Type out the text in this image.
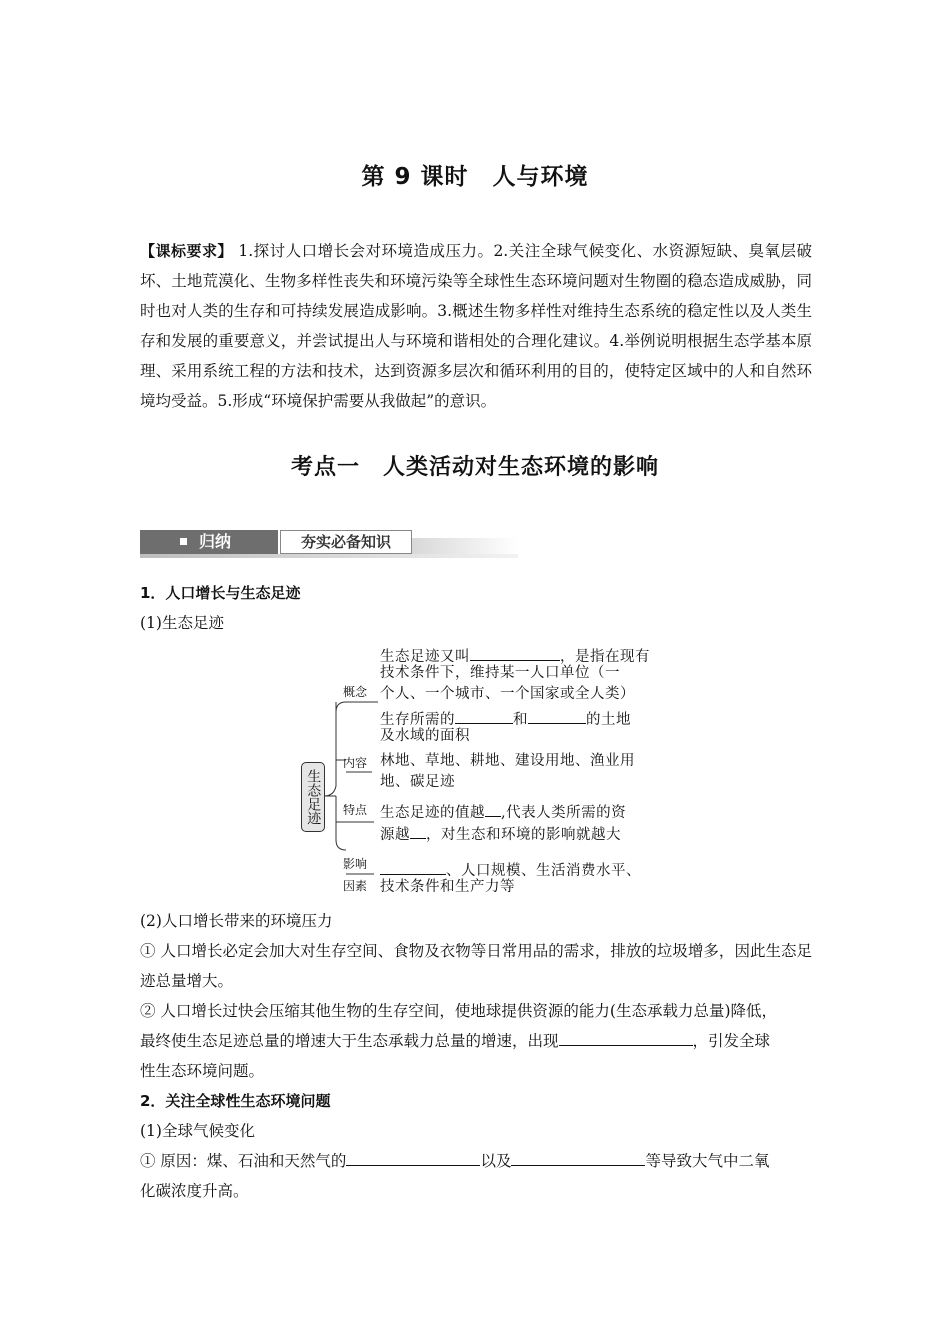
第 9 课时　人与环境
【课标要求】 1.探讨人口增长会对环境造成压力。2.关注全球气候变化、水资源短缺、臭氧层破坏、土地荒漠化、生物多样性丧失和环境污染等全球性生态环境问题对生物圈的稳态造成威胁，同时也对人类的生存和可持续发展造成影响。3.概述生物多样性对维持生态系统的稳定性以及人类生存和发展的重要意义，并尝试提出人与环境和谐相处的合理化建议。4.举例说明根据生态学基本原理、采用系统工程的方法和技术，达到资源多层次和循环利用的目的，使特定区域中的人和自然环境均受益。5.形成“环境保护需要从我做起”的意识。
考点一　人类活动对生态环境的影响
归纳	夯实必备知识
1．人口增长与生态足迹
(1)生态足迹
生态足迹
概念
内容
特点
影响
因素
生态足迹又叫	，是指在现有
技术条件下，维持某一人口单位（一
个人、一个城市、一个国家或全人类）
生存所需的	和	的土地
及水域的面积
林地、草地、耕地、建设用地、渔业用
地、碳足迹
生态足迹的值越 ,代表人类所需的资
源越 ，对生态和环境的影响就越大
、人口规模、生活消费水平、
技术条件和生产力等
(2)人口增长带来的环境压力
① 人口增长必定会加大对生存空间、食物及衣物等日常用品的需求，排放的垃圾增多，因此生态足迹总量增大。
② 人口增长过快会压缩其他生物的生存空间，使地球提供资源的能力(生态承载力总量)降低，
最终使生态足迹总量的增速大于生态承载力总量的增速，出现	，引发全球
性生态环境问题。
2．关注全球性生态环境问题
(1)全球气候变化
① 原因：煤、石油和天然气的	以及	等导致大气中二氧
化碳浓度升高。
